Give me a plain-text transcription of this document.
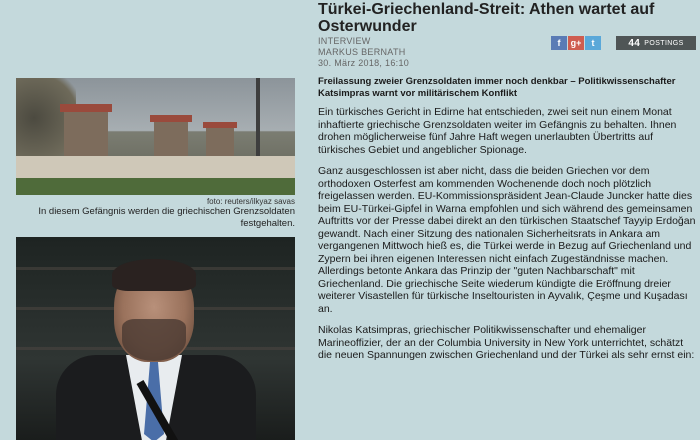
Türkei-Griechenland-Streit: Athen wartet auf Osterwunder
INTERVIEW
MARKUS BERNATH
30. März 2018, 16:10
f	g+	t	44 POSTINGS
foto: reuters/ilkyaz savas
In diesem Gefängnis werden die griechischen Grenzsoldaten festgehalten.

Freilassung zweier Grenzsoldaten immer noch denkbar – Politikwissenschafter Katsimpras warnt vor militärischem Konflikt

Ein türkisches Gericht in Edirne hat entschieden, zwei seit nun einem Monat inhaftierte griechische Grenzsoldaten weiter im Gefängnis zu behalten. Ihnen drohen möglicherweise fünf Jahre Haft wegen unerlaubten Übertritts auf türkisches Gebiet und angeblicher Spionage.

Ganz ausgeschlossen ist aber nicht, dass die beiden Griechen vor dem orthodoxen Osterfest am kommenden Wochenende doch noch plötzlich freigelassen werden. EU-Kommissionspräsident Jean-Claude Juncker hatte dies beim EU-Türkei-Gipfel in Warna empfohlen und sich während des gemeinsamen Auftritts vor der Presse dabei direkt an den türkischen Staatschef Tayyip Erdoğan gewandt. Nach einer Sitzung des nationalen Sicherheitsrats in Ankara am vergangenen Mittwoch hieß es, die Türkei werde in Bezug auf Griechenland und Zypern bei ihren eigenen Interessen nicht einfach Zugeständnisse machen. Allerdings betonte Ankara das Prinzip der "guten Nachbarschaft" mit Griechenland. Die griechische Seite wiederum kündigte die Eröffnung dreier weiterer Visastellen für türkische Inseltouristen in Ayvalık, Çeşme und Kuşadası an.

Nikolas Katsimpras, griechischer Politikwissenschafter und ehemaliger Marineoffizier, der an der Columbia University in New York unterrichtet, schätzt die neuen Spannungen zwischen Griechenland und der Türkei als sehr ernst ein:
